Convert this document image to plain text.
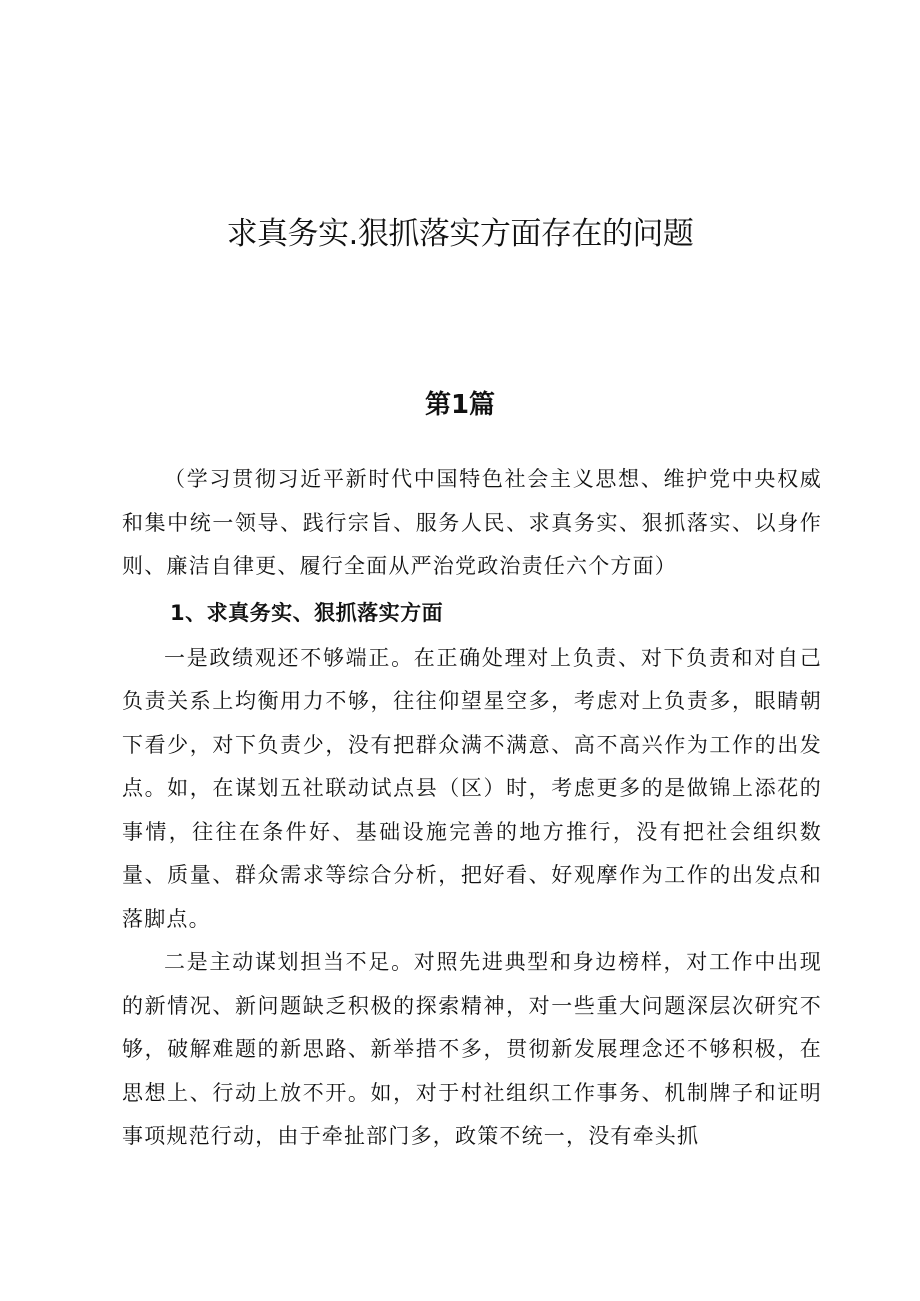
求真务实.狠抓落实方面存在的问题
第1篇

（学习贯彻习近平新时代中国特色社会主义思想、维护党中央权威和集中统一领导、践行宗旨、服务人民、求真务实、狠抓落实、以身作则、廉洁自律更、履行全面从严治党政治责任六个方面）

1、求真务实、狠抓落实方面

一是政绩观还不够端正。在正确处理对上负责、对下负责和对自己负责关系上均衡用力不够，往往仰望星空多，考虑对上负责多，眼睛朝下看少，对下负责少，没有把群众满不满意、高不高兴作为工作的出发点。如，在谋划五社联动试点县（区）时，考虑更多的是做锦上添花的事情，往往在条件好、基础设施完善的地方推行，没有把社会组织数量、质量、群众需求等综合分析，把好看、好观摩作为工作的出发点和落脚点。

二是主动谋划担当不足。对照先进典型和身边榜样，对工作中出现的新情况、新问题缺乏积极的探索精神，对一些重大问题深层次研究不够，破解难题的新思路、新举措不多，贯彻新发展理念还不够积极，在思想上、行动上放不开。如，对于村社组织工作事务、机制牌子和证明事项规范行动，由于牵扯部门多，政策不统一，没有牵头抓
